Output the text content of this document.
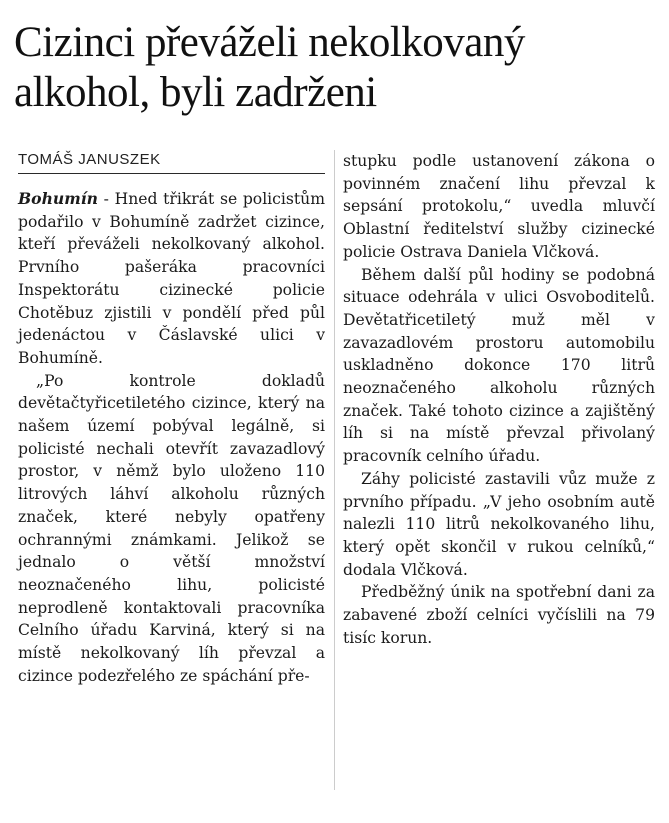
Cizinci převáželi nekolkovaný alkohol, byli zadrženi
TOMÁŠ JANUSZEK

Bohumín - Hned třikrát se policistům podařilo v Bohumíně zadržet cizince, kteří převáželi nekolkovaný alkohol. Prvního pašeráka pracovníci Inspektorátu cizinecké policie Chotěbuz zjistili v pondělí před půl jedenáctou v Čáslavské ulici v Bohumíně.

„Po kontrole dokladů devětačtyřicetiletého cizince, který na našem území pobýval legálně, si policisté nechali otevřít zavazadlový prostor, v němž bylo uloženo 110 litrových láhví alkoholu různých značek, které nebyly opatřeny ochrannými známkami. Jelikož se jednalo o větší množství neoznačeného lihu, policisté neprodleně kontaktovali pracovníka Celního úřadu Karviná, který si na místě nekolkovaný líh převzal a cizince podezřelého ze spáchání pře-

stupku podle ustanovení zákona o povinném značení lihu převzal k sepsání protokolu,“ uvedla mluvčí Oblastní ředitelství služby cizinecké policie Ostrava Daniela Vlčková.

Během další půl hodiny se podobná situace odehrála v ulici Osvoboditelů. Devětatřicetiletý muž měl v zavazadlovém prostoru automobilu uskladněno dokonce 170 litrů neoznačeného alkoholu různých značek. Také tohoto cizince a zajištěný líh si na místě převzal přivolaný pracovník celního úřadu.

Záhy policisté zastavili vůz muže z prvního případu. „V jeho osobním autě nalezli 110 litrů nekolkovaného lihu, který opět skončil v rukou celníků,“ dodala Vlčková.

Předběžný únik na spotřební dani za zabavené zboží celníci vyčíslili na 79 tisíc korun.
